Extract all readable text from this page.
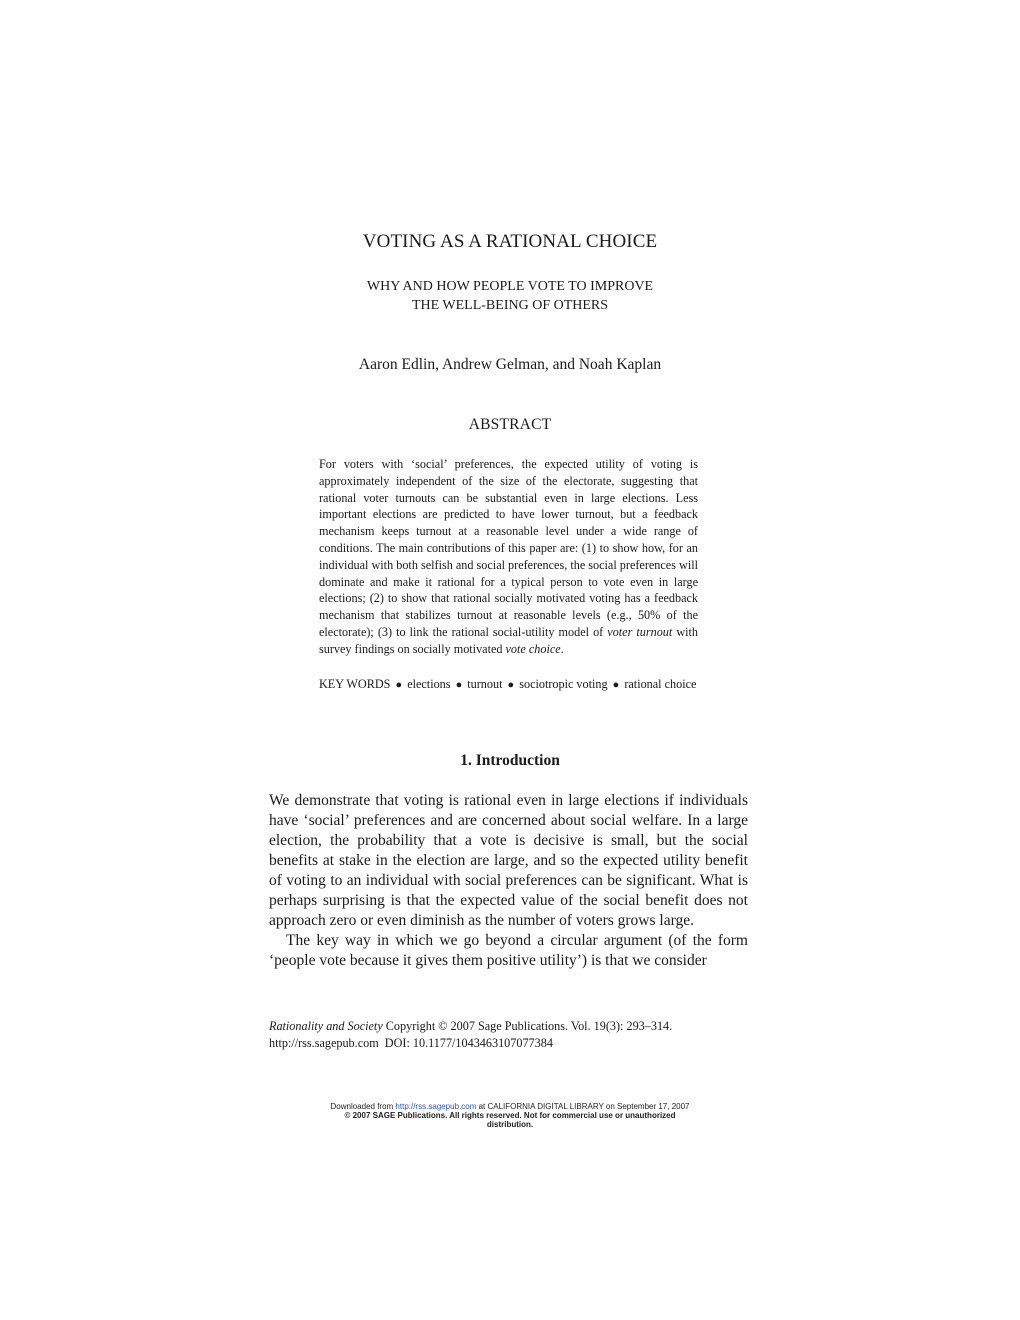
VOTING AS A RATIONAL CHOICE
WHY AND HOW PEOPLE VOTE TO IMPROVE
THE WELL-BEING OF OTHERS
Aaron Edlin, Andrew Gelman, and Noah Kaplan
ABSTRACT
For voters with ‘social’ preferences, the expected utility of voting is approximately independent of the size of the electorate, suggesting that rational voter turnouts can be substantial even in large elections. Less important elections are predicted to have lower turnout, but a feedback mechanism keeps turnout at a reasonable level under a wide range of conditions. The main contributions of this paper are: (1) to show how, for an individual with both selfish and social preferences, the social preferences will dominate and make it rational for a typical person to vote even in large elections; (2) to show that rational socially motivated voting has a feedback mechanism that stabilizes turnout at reasonable levels (e.g., 50% of the electorate); (3) to link the rational social-utility model of voter turnout with survey findings on socially motivated vote choice.
KEY WORDS ● elections ● turnout ● sociotropic voting ● rational choice
1. Introduction

We demonstrate that voting is rational even in large elections if individuals have ‘social’ preferences and are concerned about social welfare. In a large election, the probability that a vote is decisive is small, but the social benefits at stake in the election are large, and so the expected utility benefit of voting to an individual with social preferences can be significant. What is perhaps surprising is that the expected value of the social benefit does not approach zero or even diminish as the number of voters grows large.

The key way in which we go beyond a circular argument (of the form ‘people vote because it gives them positive utility’) is that we consider

Rationality and Society Copyright © 2007 Sage Publications. Vol. 19(3): 293–314.
http://rss.sagepub.com  DOI: 10.1177/1043463107077384
Downloaded from http://rss.sagepub.com at CALIFORNIA DIGITAL LIBRARY on September 17, 2007
© 2007 SAGE Publications. All rights reserved. Not for commercial use or unauthorized
distribution.
